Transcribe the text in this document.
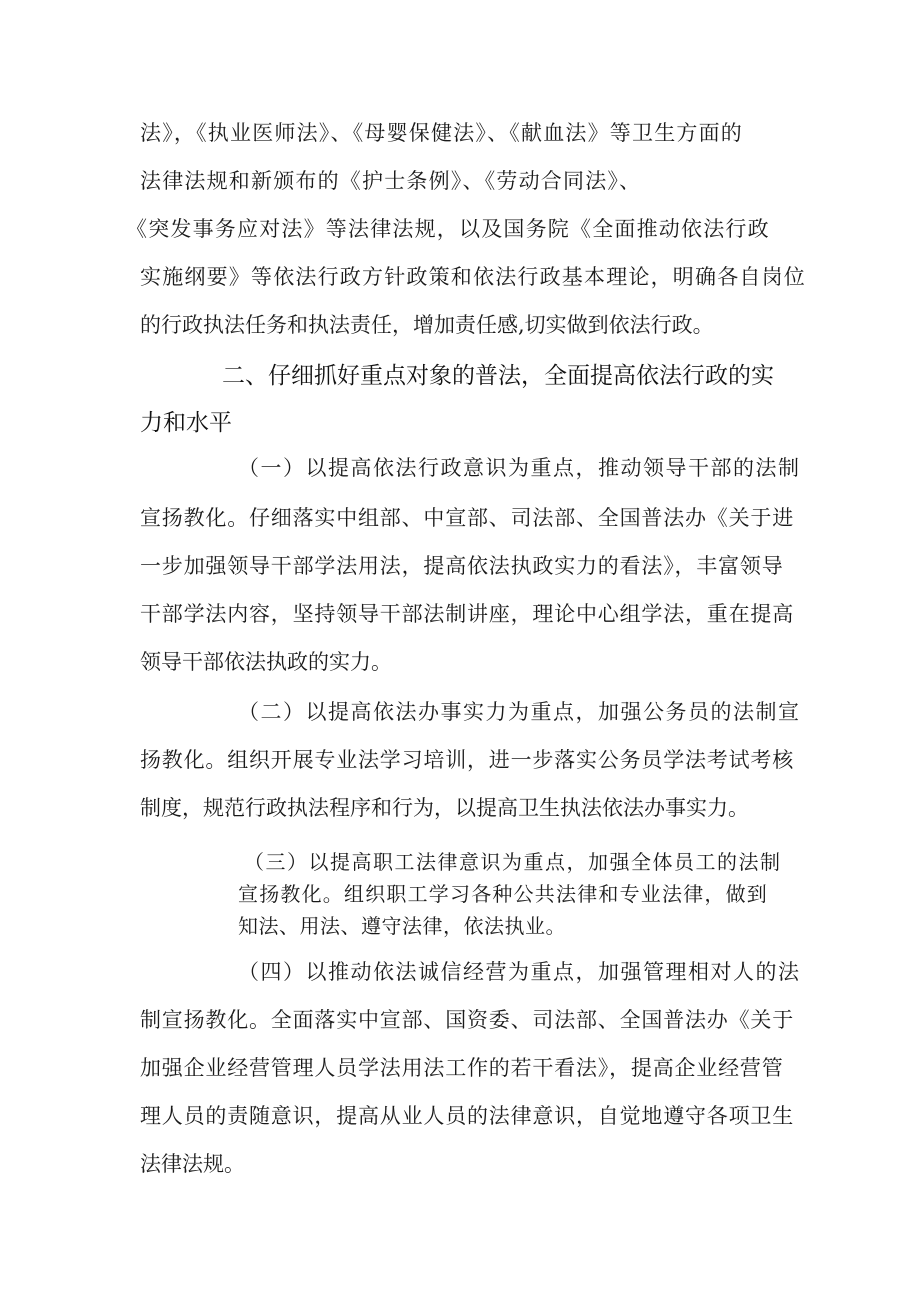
法》，《执业医师法》、《母婴保健法》、《献血法》等卫生方面的
法律法规和新颁布的《护士条例》、《劳动合同法》、
《突发事务应对法》等法律法规，以及国务院《全面推动依法行政
实施纲要》等依法行政方针政策和依法行政基本理论，明确各自岗位
的行政执法任务和执法责任，增加责任感,切实做到依法行政。
二、仔细抓好重点对象的普法，全面提高依法行政的实
力和水平
（一）以提高依法行政意识为重点，推动领导干部的法制
宣扬教化。仔细落实中组部、中宣部、司法部、全国普法办《关于进
一步加强领导干部学法用法，提高依法执政实力的看法》，丰富领导
干部学法内容，坚持领导干部法制讲座，理论中心组学法，重在提高
领导干部依法执政的实力。
（二）以提高依法办事实力为重点，加强公务员的法制宣
扬教化。组织开展专业法学习培训，进一步落实公务员学法考试考核
制度，规范行政执法程序和行为，以提高卫生执法依法办事实力。
（三）以提高职工法律意识为重点，加强全体员工的法制
宣扬教化。组织职工学习各种公共法律和专业法律，做到
知法、用法、遵守法律，依法执业。
（四）以推动依法诚信经营为重点，加强管理相对人的法
制宣扬教化。全面落实中宣部、国资委、司法部、全国普法办《关于
加强企业经营管理人员学法用法工作的若干看法》，提高企业经营管
理人员的责随意识，提高从业人员的法律意识，自觉地遵守各项卫生
法律法规。
